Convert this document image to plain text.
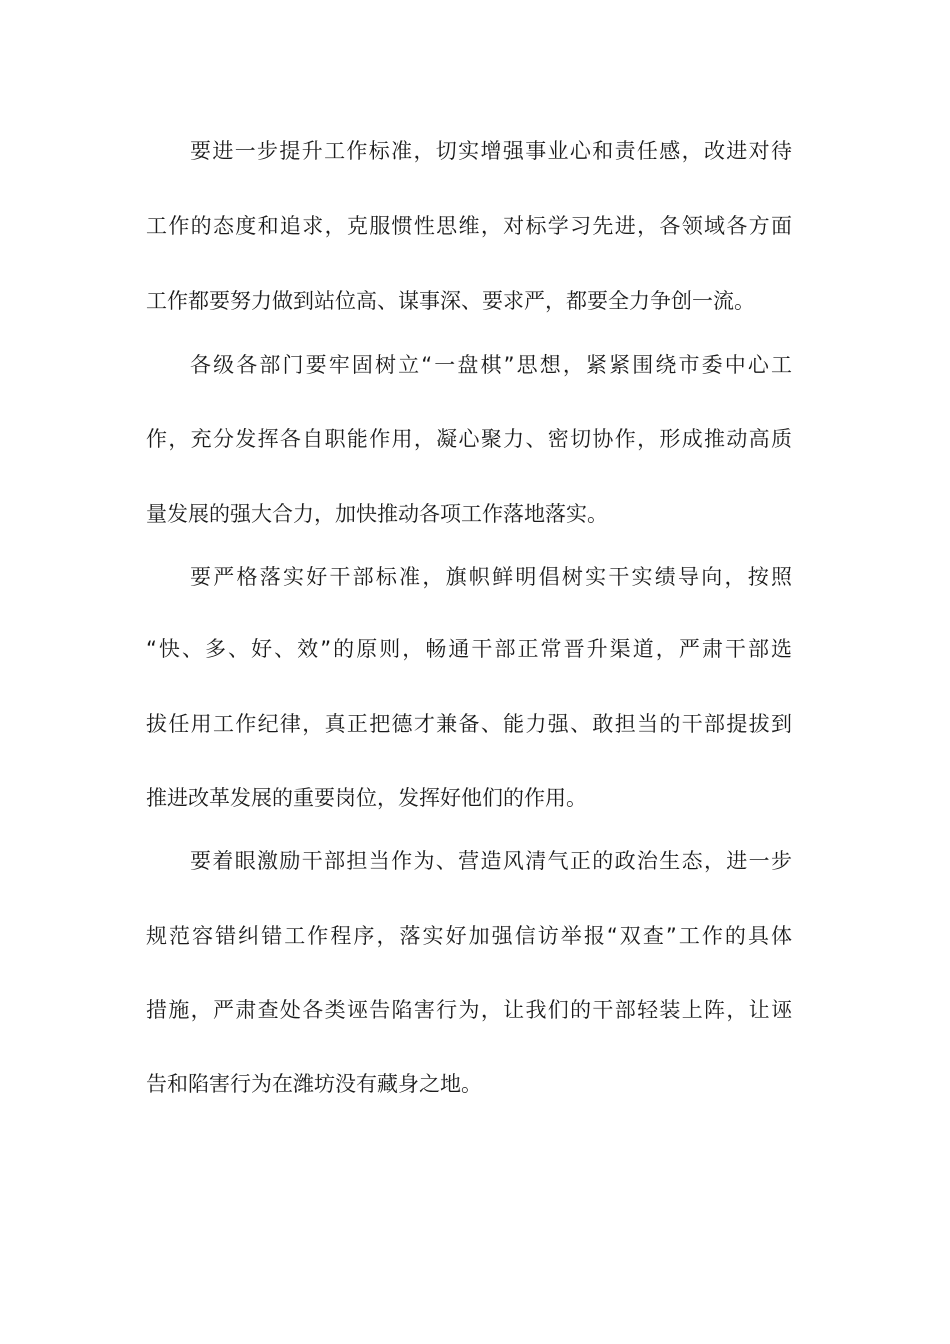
要进一步提升工作标准，切实增强事业心和责任感，改进对待
工作的态度和追求，克服惯性思维，对标学习先进，各领域各方面
工作都要努力做到站位高、谋事深、要求严，都要全力争创一流。
各级各部门要牢固树立“一盘棋”思想，紧紧围绕市委中心工
作，充分发挥各自职能作用，凝心聚力、密切协作，形成推动高质
量发展的强大合力，加快推动各项工作落地落实。
要严格落实好干部标准，旗帜鲜明倡树实干实绩导向，按照
“快、多、好、效”的原则，畅通干部正常晋升渠道，严肃干部选
拔任用工作纪律，真正把德才兼备、能力强、敢担当的干部提拔到
推进改革发展的重要岗位，发挥好他们的作用。
要着眼激励干部担当作为、营造风清气正的政治生态，进一步
规范容错纠错工作程序，落实好加强信访举报“双查”工作的具体
措施，严肃查处各类诬告陷害行为，让我们的干部轻装上阵，让诬
告和陷害行为在潍坊没有藏身之地。
